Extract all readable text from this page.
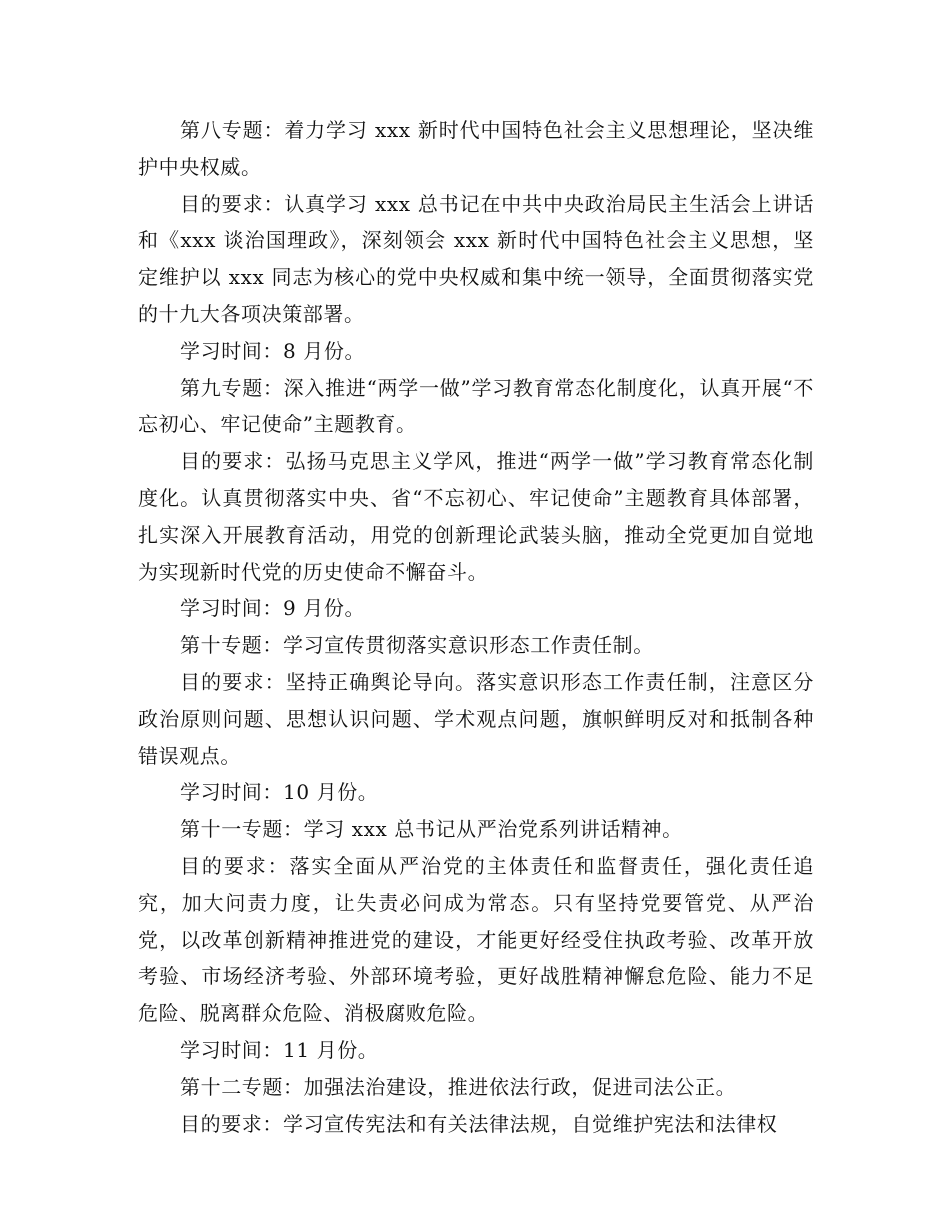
第八专题：着力学习 xxx 新时代中国特色社会主义思想理论，坚决维护中央权威。

目的要求：认真学习 xxx 总书记在中共中央政治局民主生活会上讲话和《xxx 谈治国理政》，深刻领会 xxx 新时代中国特色社会主义思想，坚定维护以 xxx 同志为核心的党中央权威和集中统一领导，全面贯彻落实党的十九大各项决策部署。

学习时间：8 月份。

第九专题：深入推进“两学一做”学习教育常态化制度化，认真开展“不忘初心、牢记使命”主题教育。

目的要求：弘扬马克思主义学风，推进“两学一做”学习教育常态化制度化。认真贯彻落实中央、省“不忘初心、牢记使命”主题教育具体部署，扎实深入开展教育活动，用党的创新理论武装头脑，推动全党更加自觉地为实现新时代党的历史使命不懈奋斗。

学习时间：9 月份。

第十专题：学习宣传贯彻落实意识形态工作责任制。

目的要求：坚持正确舆论导向。落实意识形态工作责任制，注意区分政治原则问题、思想认识问题、学术观点问题，旗帜鲜明反对和抵制各种错误观点。

学习时间：10 月份。

第十一专题：学习 xxx 总书记从严治党系列讲话精神。

目的要求：落实全面从严治党的主体责任和监督责任，强化责任追究，加大问责力度，让失责必问成为常态。只有坚持党要管党、从严治党，以改革创新精神推进党的建设，才能更好经受住执政考验、改革开放考验、市场经济考验、外部环境考验，更好战胜精神懈怠危险、能力不足危险、脱离群众危险、消极腐败危险。

学习时间：11 月份。

第十二专题：加强法治建设，推进依法行政，促进司法公正。

目的要求：学习宣传宪法和有关法律法规，自觉维护宪法和法律权
